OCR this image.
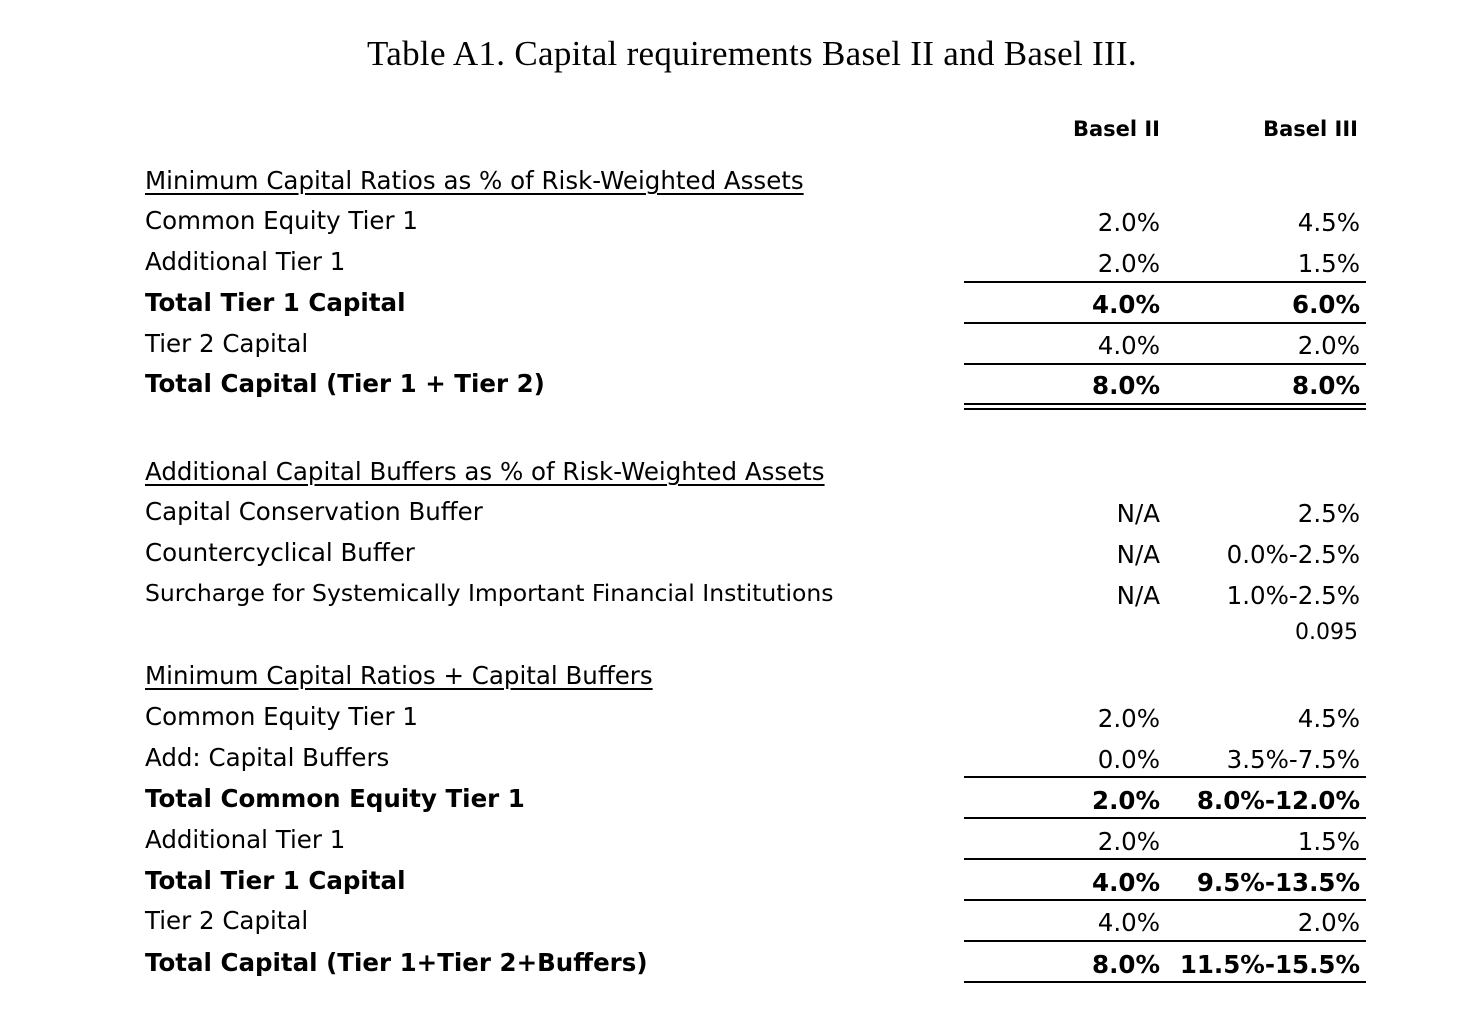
Table A1. Capital requirements Basel II and Basel III.
Basel II	Basel III
Minimum Capital Ratios as % of Risk-Weighted Assets
Common Equity Tier 1	2.0%	4.5%
Additional Tier 1	2.0%	1.5%
Total Tier 1 Capital	4.0%	6.0%
Tier 2 Capital	4.0%	2.0%
Total Capital (Tier 1 + Tier 2)	8.0%	8.0%
Additional Capital Buffers as % of Risk-Weighted Assets
Capital Conservation Buffer	N/A	2.5%
Countercyclical Buffer	N/A	0.0%-2.5%
Surcharge for Systemically Important Financial Institutions	N/A	1.0%-2.5%
0.095
Minimum Capital Ratios + Capital Buffers
Common Equity Tier 1	2.0%	4.5%
Add: Capital Buffers	0.0%	3.5%-7.5%
Total Common Equity Tier 1	2.0%	8.0%-12.0%
Additional Tier 1	2.0%	1.5%
Total Tier 1 Capital	4.0%	9.5%-13.5%
Tier 2 Capital	4.0%	2.0%
Total Capital (Tier 1+Tier 2+Buffers)	8.0% 11.5%-15.5%
